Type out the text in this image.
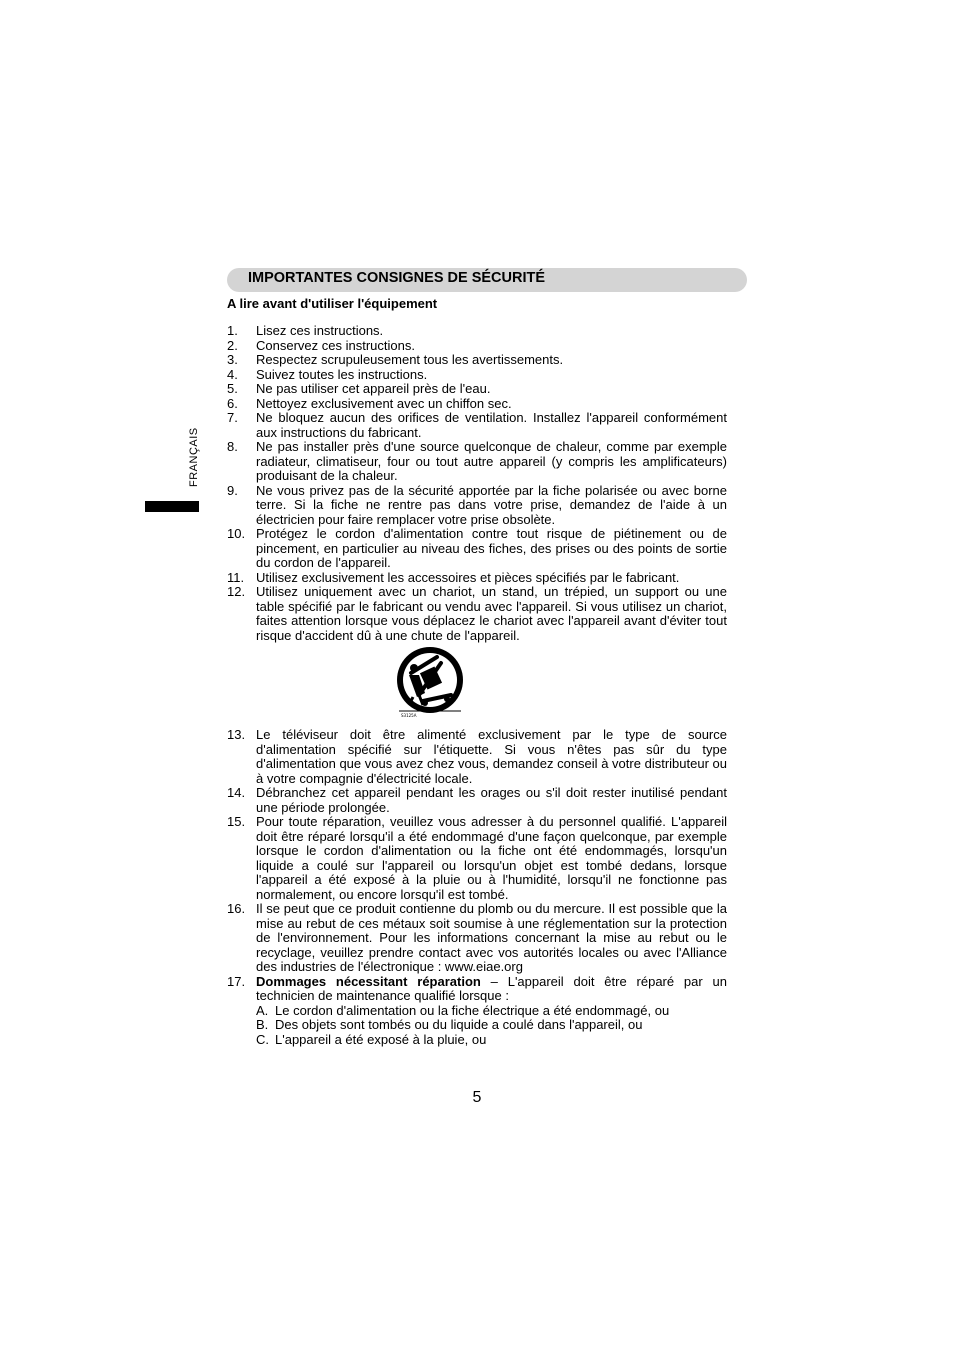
IMPORTANTES CONSIGNES DE SÉCURITÉ
FRANÇAIS
A lire avant d'utiliser l'équipement
1.	Lisez ces instructions.
2.	Conservez ces instructions.
3.	Respectez scrupuleusement tous les avertissements.
4.	Suivez toutes les instructions.
5.	Ne pas utiliser cet appareil près de l'eau.
6.	Nettoyez exclusivement avec un chiffon sec.
7.	Ne bloquez aucun des orifices de ventilation. Installez l'appareil conformément aux instructions du fabricant.
8.	Ne pas installer près d'une source quelconque de chaleur, comme par exemple radiateur, climatiseur, four ou tout autre appareil (y compris les amplificateurs) produisant de la chaleur.
9.	Ne vous privez pas de la sécurité apportée par la fiche polarisée ou avec borne terre. Si la fiche ne rentre pas dans votre prise, demandez de l'aide à un électricien pour faire remplacer votre prise obsolète.
10. Protégez le cordon d'alimentation contre tout risque de piétinement ou de pincement, en particulier au niveau des fiches, des prises ou des points de sortie du cordon de l'appareil.
11. Utilisez exclusivement les accessoires et pièces spécifiés par le fabricant.
12. Utilisez uniquement avec un chariot, un stand, un trépied, un support ou une table spécifié par le fabricant ou vendu avec l'appareil. Si vous utilisez un chariot, faites attention lorsque vous déplacez le chariot avec l'appareil avant d'éviter tout risque d'accident dû à une chute de l'appareil.
S3125A
13. Le téléviseur doit être alimenté exclusivement par le type de source d'alimentation spécifié sur l'étiquette. Si vous n'êtes pas sûr du type d'alimentation que vous avez chez vous, demandez conseil à votre distributeur ou à votre compagnie d'électricité locale.
14. Débranchez cet appareil pendant les orages ou s'il doit rester inutilisé pendant une période prolongée.
15. Pour toute réparation, veuillez vous adresser à du personnel qualifié. L'appareil doit être réparé lorsqu'il a été endommagé d'une façon quelconque, par exemple lorsque le cordon d'alimentation ou la fiche ont été endommagés, lorsqu'un liquide a coulé sur l'appareil ou lorsqu'un objet est tombé dedans, lorsque l'appareil a été exposé à la pluie ou à l'humidité, lorsqu'il ne fonctionne pas normalement, ou encore lorsqu'il est tombé.
16. Il se peut que ce produit contienne du plomb ou du mercure. Il est possible que la mise au rebut de ces métaux soit soumise à une réglementation sur la protection de l'environnement. Pour les informations concernant la mise au rebut ou le recyclage, veuillez prendre contact avec vos autorités locales ou avec l'Alliance des industries de l'électronique : www.eiae.org
17. Dommages nécessitant réparation – L'appareil doit être réparé par un technicien de maintenance qualifié lorsque :
A. Le cordon d'alimentation ou la fiche électrique a été endommagé, ou
B. Des objets sont tombés ou du liquide a coulé dans l'appareil, ou
C. L'appareil a été exposé à la pluie, ou
5
